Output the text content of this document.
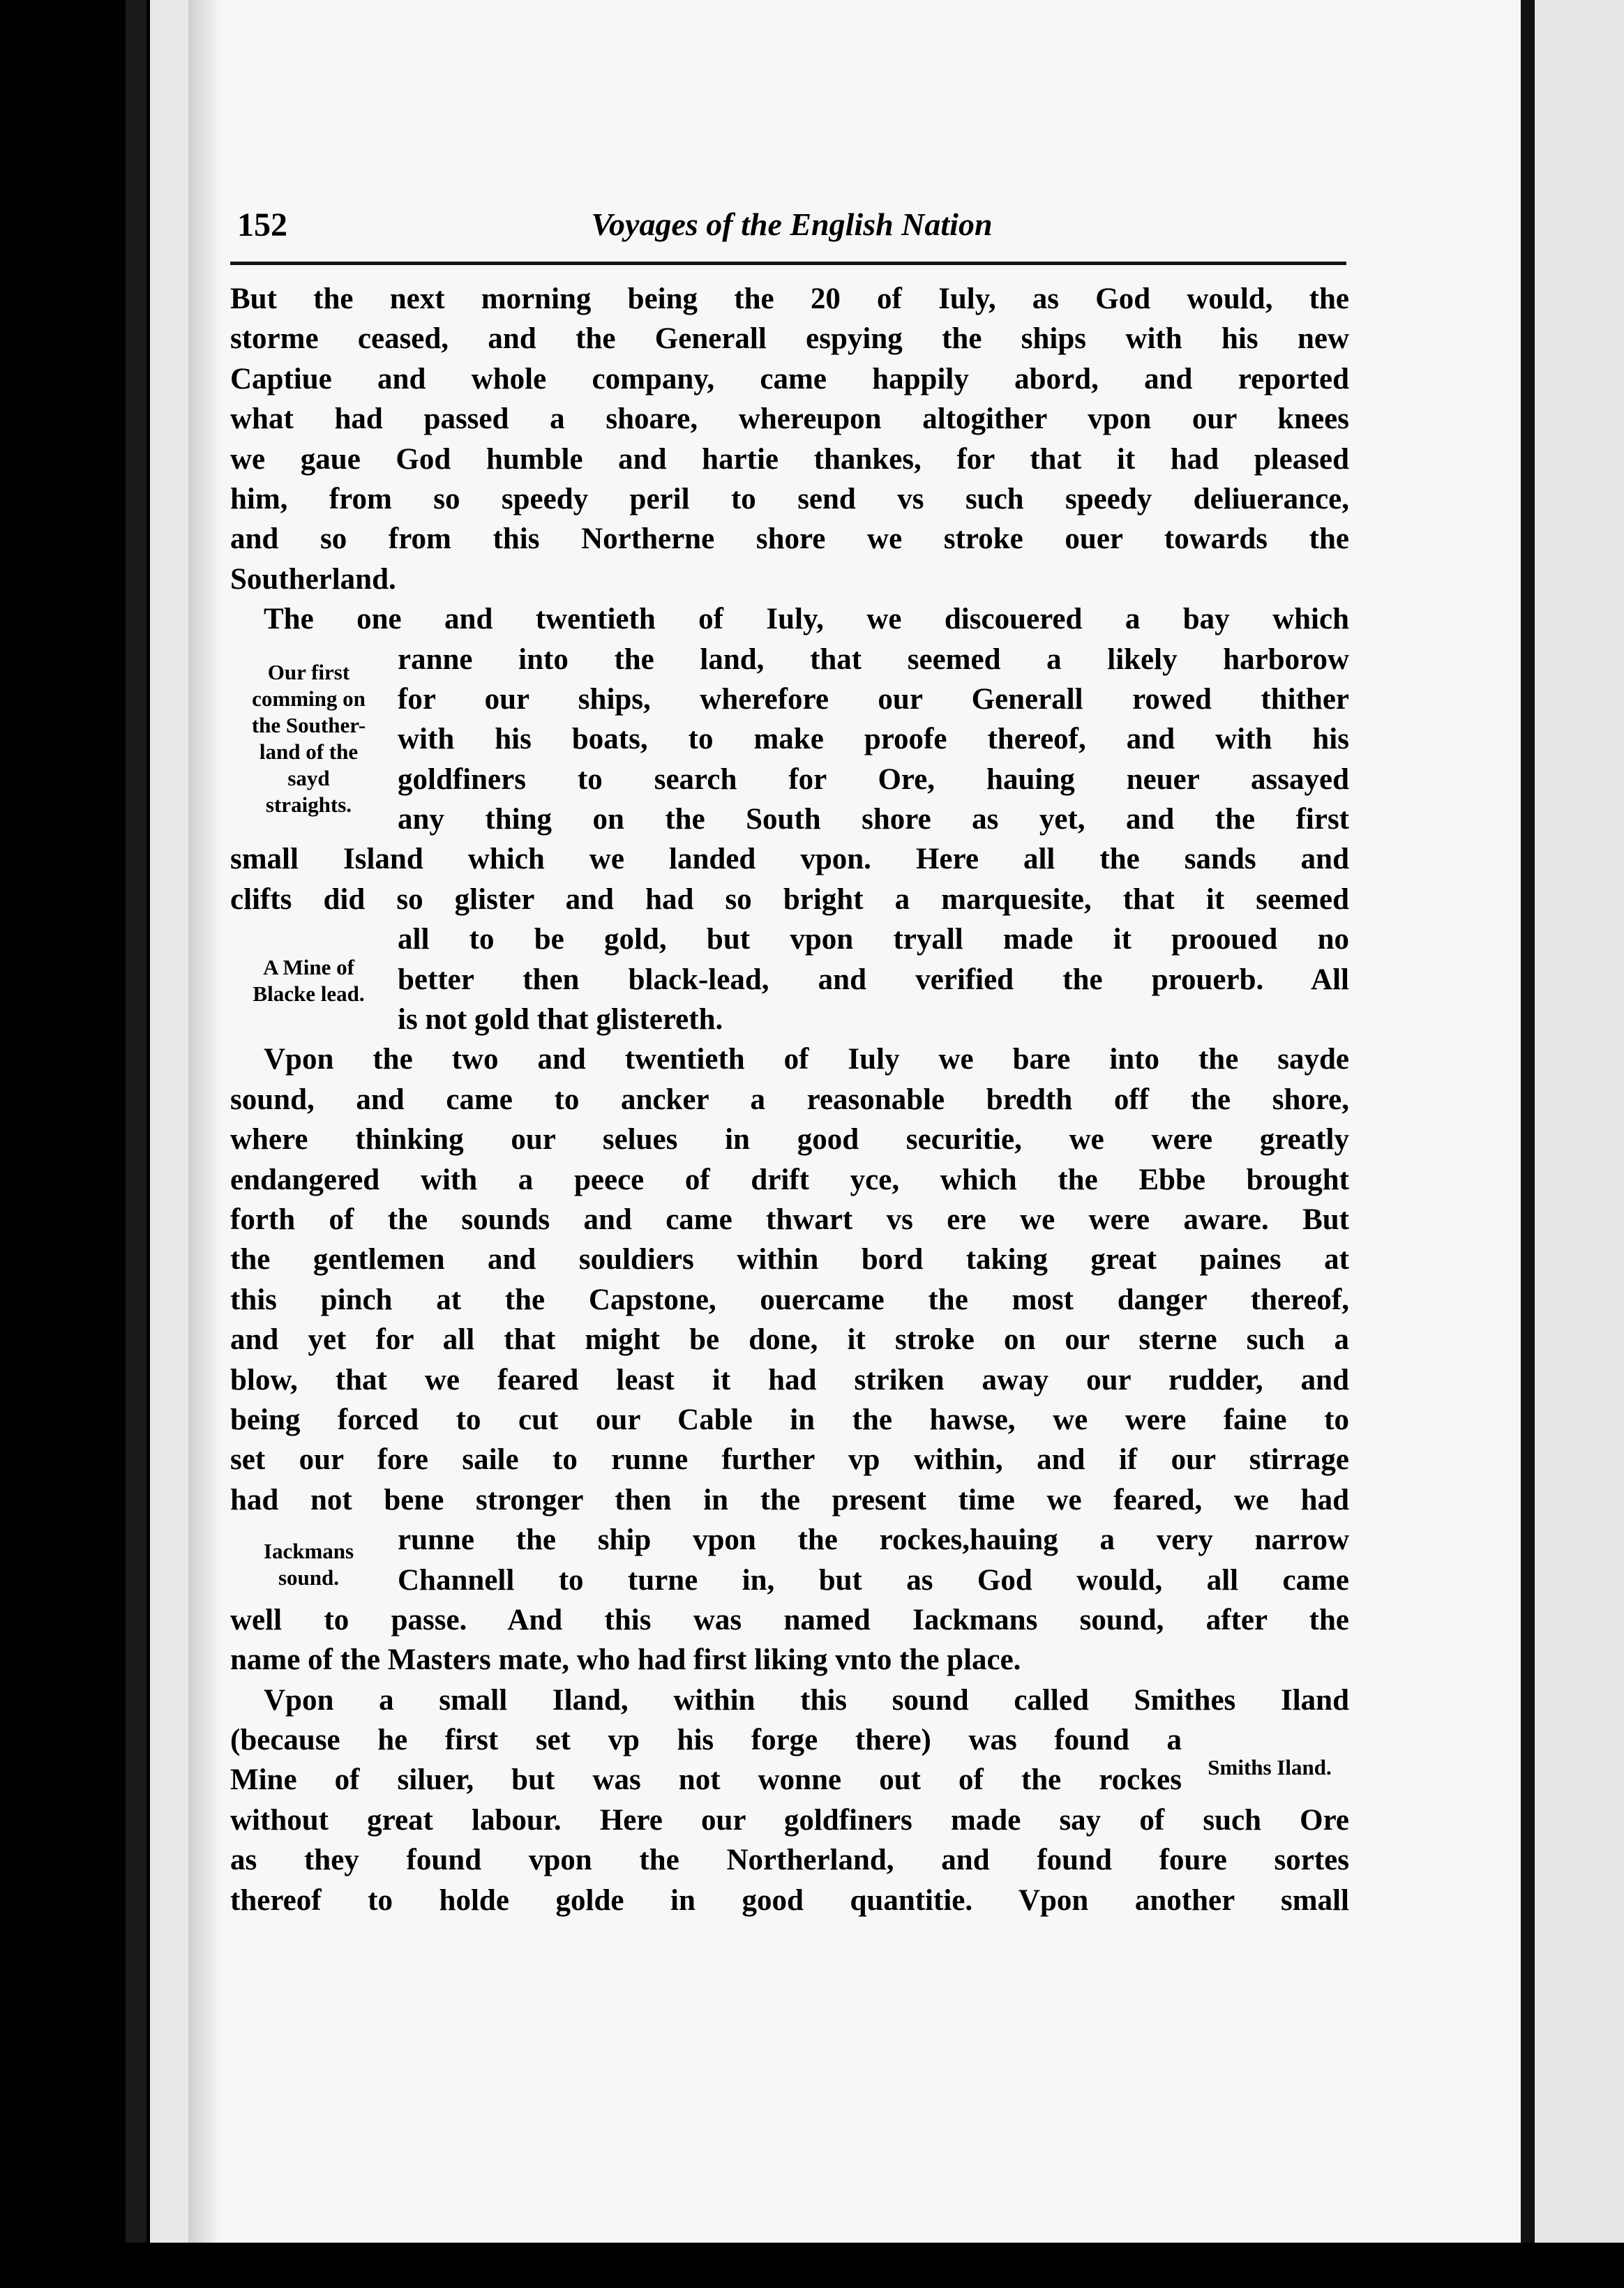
152	Voyages of the English Nation
But the next morning being the 20 of Iuly, as God would, the
storme ceased, and the Generall espying the ships with his new
Captiue and whole company, came happily abord, and reported
what had passed a shoare, whereupon altogither vpon our knees
we gaue God humble and hartie thankes, for that it had pleased
him, from so speedy peril to send vs such speedy deliuerance,
and so from this Northerne shore we stroke ouer towards the
Southerland.
The one and twentieth of Iuly, we discouered a bay which
ranne into the land, that seemed a likely harborow
for our ships, wherefore our Generall rowed thither
with his boats, to make proofe thereof, and with his
goldfiners to search for Ore, hauing neuer assayed
any thing on the South shore as yet, and the first
small Island which we landed vpon. Here all the sands and
clifts did so glister and had so bright a marquesite, that it seemed
all to be gold, but vpon tryall made it prooued no
better then black-lead, and verified the prouerb. All
is not gold that glistereth.
Vpon the two and twentieth of Iuly we bare into the sayde
sound, and came to ancker a reasonable bredth off the shore,
where thinking our selues in good securitie, we were greatly
endangered with a peece of drift yce, which the Ebbe brought
forth of the sounds and came thwart vs ere we were aware. But
the gentlemen and souldiers within bord taking great paines at
this pinch at the Capstone, ouercame the most danger thereof,
and yet for all that might be done, it stroke on our sterne such a
blow, that we feared least it had striken away our rudder, and
being forced to cut our Cable in the hawse, we were faine to
set our fore saile to runne further vp within, and if our stirrage
had not bene stronger then in the present time we feared, we had
runne the ship vpon the rockes,hauing a very narrow
Channell to turne in, but as God would, all came
well to passe. And this was named Iackmans sound, after the
name of the Masters mate, who had first liking vnto the place.
Vpon a small Iland, within this sound called Smithes Iland
(because he first set vp his forge there) was found a
Mine of siluer, but was not wonne out of the rockes
without great labour. Here our goldfiners made say of such Ore
as they found vpon the Northerland, and found foure sortes
thereof to holde golde in good quantitie. Vpon another small
Our first
comming on
the Souther-
land of the
sayd
straights.
A Mine of
Blacke lead.
Iackmans
sound.
Smiths Iland.
